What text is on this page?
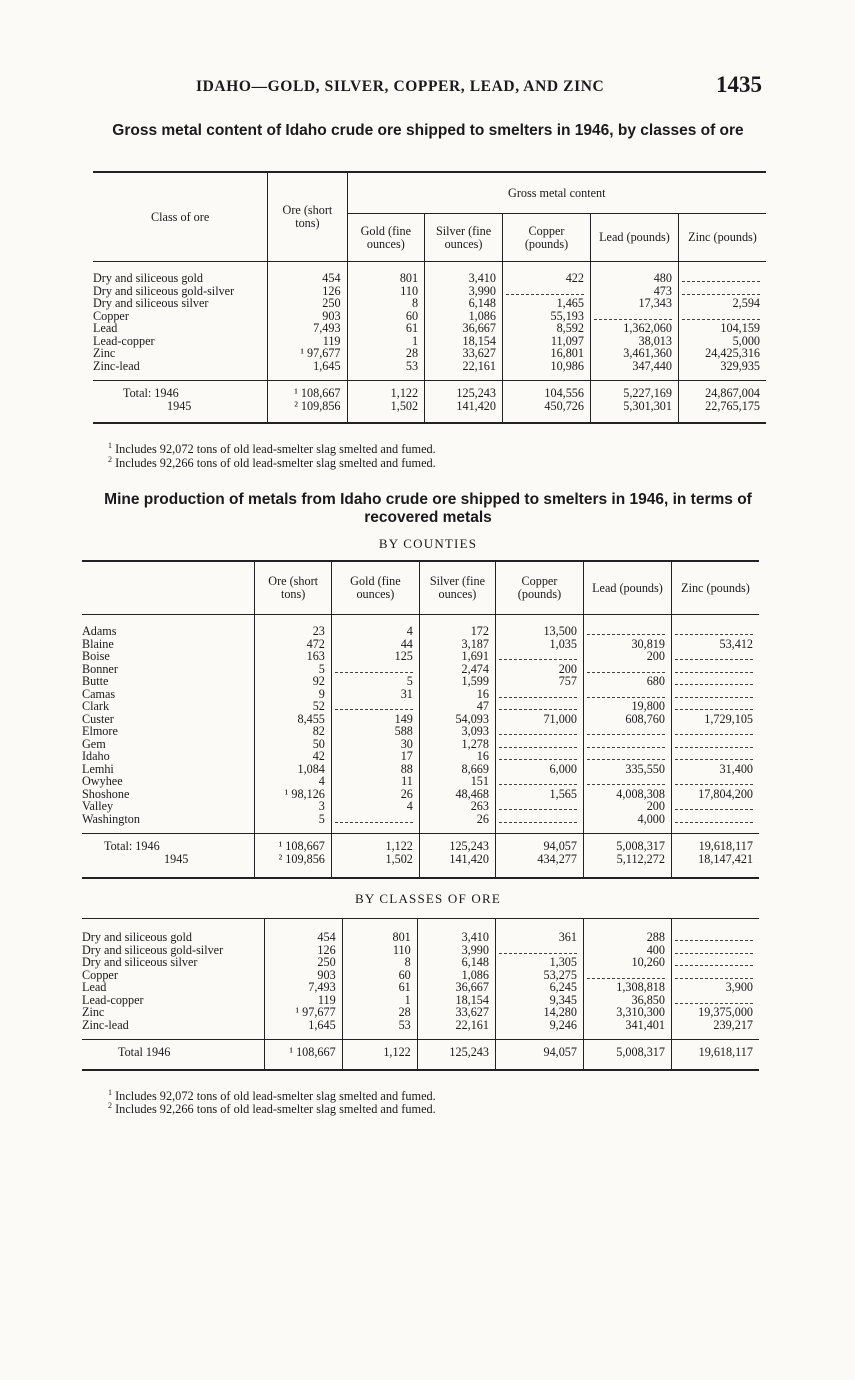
IDAHO—GOLD, SILVER, COPPER, LEAD, AND ZINC	1435
Gross metal content of Idaho crude ore shipped to smelters in 1946, by classes of ore
Class of ore	Ore (short tons)	Gross metal content				
		Gold (fine ounces)	Silver (fine ounces)	Copper (pounds)	Lead (pounds)	Zinc (pounds)
Dry and siliceous gold	454	801	3,410	422	480	
Dry and siliceous gold-silver	126	110	3,990		473	
Dry and siliceous silver	250	8	6,148	1,465	17,343	2,594
Copper	903	60	1,086	55,193		
Lead	7,493	61	36,667	8,592	1,362,060	104,159
Lead-copper	119	1	18,154	11,097	38,013	5,000
Zinc	¹ 97,677	28	33,627	16,801	3,461,360	24,425,316
Zinc-lead	1,645	53	22,161	10,986	347,440	329,935
Total: 1946	¹ 108,667	1,122	125,243	104,556	5,227,169	24,867,004
1945	² 109,856	1,502	141,420	450,726	5,301,301	22,765,175
$^1$ Includes 92,072 tons of old lead-smelter slag smelted and fumed.
$^2$ Includes 92,266 tons of old lead-smelter slag smelted and fumed.
Mine production of metals from Idaho crude ore shipped to smelters in 1946, in terms of recovered metals
BY COUNTIES
	Ore (short tons)	Gold (fine ounces)	Silver (fine ounces)	Copper (pounds)	Lead (pounds)	Zinc (pounds)
Adams	23	4	172	13,500		
Blaine	472	44	3,187	1,035	30,819	53,412
Boise	163	125	1,691		200	
Bonner	5		2,474	200		
Butte	92	5	1,599	757	680	
Camas	9	31	16			
Clark	52		47		19,800	
Custer	8,455	149	54,093	71,000	608,760	1,729,105
Elmore	82	588	3,093			
Gem	50	30	1,278			
Idaho	42	17	16			
Lemhi	1,084	88	8,669	6,000	335,550	31,400
Owyhee	4	11	151			
Shoshone	¹ 98,126	26	48,468	1,565	4,008,308	17,804,200
Valley	3	4	263		200	
Washington	5		26		4,000	
Total: 1946	¹ 108,667	1,122	125,243	94,057	5,008,317	19,618,117
1945	² 109,856	1,502	141,420	434,277	5,112,272	18,147,421
BY CLASSES OF ORE
Dry and siliceous gold	454	801	3,410	361	288	
Dry and siliceous gold-silver	126	110	3,990		400	
Dry and siliceous silver	250	8	6,148	1,305	10,260	
Copper	903	60	1,086	53,275		
Lead	7,493	61	36,667	6,245	1,308,818	3,900
Lead-copper	119	1	18,154	9,345	36,850	
Zinc	¹ 97,677	28	33,627	14,280	3,310,300	19,375,000
Zinc-lead	1,645	53	22,161	9,246	341,401	239,217
Total 1946	¹ 108,667	1,122	125,243	94,057	5,008,317	19,618,117
$^1$ Includes 92,072 tons of old lead-smelter slag smelted and fumed.
$^2$ Includes 92,266 tons of old lead-smelter slag smelted and fumed.
